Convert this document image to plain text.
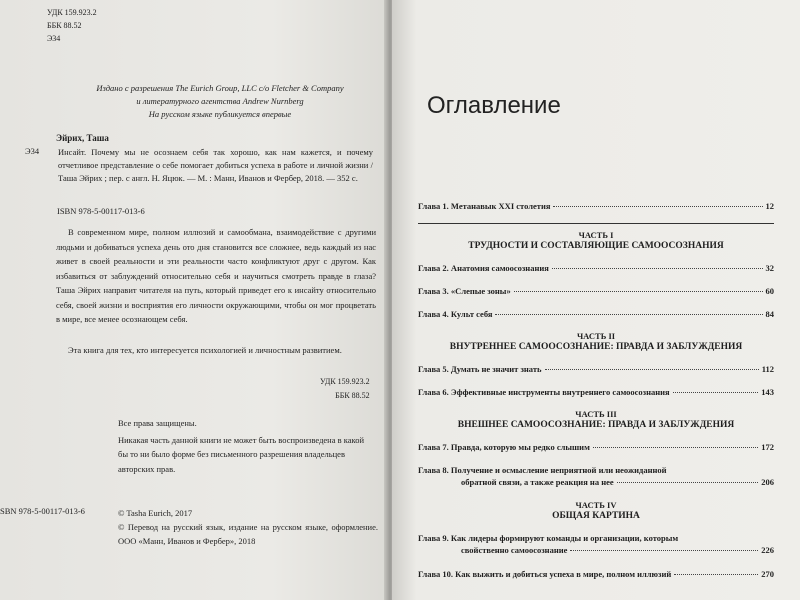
УДК 159.923.2
ББК 88.52
Э34
Издано с разрешения The Eurich Group, LLC c/o Fletcher & Company
и литературного агентства Andrew Nurnberg
На русском языке публикуется впервые
Эйрих, Таша
Э34 Инсайт. Почему мы не осознаем себя так хорошо, как нам кажется, и почему отчетливое представление о себе помогает добиться успеха в работе и личной жизни / Таша Эйрих ; пер. с англ. Н. Яцюк. — М. : Манн, Иванов и Фербер, 2018. — 352 с.
ISBN 978-5-00117-013-6
В современном мире, полном иллюзий и самообмана, взаимодействие с другими людьми и добиваться успеха день ото дня становится все сложнее, ведь каждый из нас живет в своей реальности и эти реальности часто конфликтуют друг с другом. Как избавиться от заблуждений относительно себя и научиться смотреть правде в глаза? Таша Эйрих направит читателя на путь, который приведет его к инсайту относительно себя, своей жизни и восприятия его личности окружающими, чтобы он мог процветать в мире, все менее осознающем себя.
Эта книга для тех, кто интересуется психологией и личностным развитием.
УДК 159.923.2
ББК 88.52
Все права защищены.
Никакая часть данной книги не может быть воспроизведена в какой бы то ни было форме без письменного разрешения владельцев авторских прав.
SBN 978-5-00117-013-6	© Tasha Eurich, 2017
© Перевод на русский язык, издание на русском языке, оформление. ООО «Манн, Иванов и Фербер», 2018
Оглавление
Глава 1. Метанавык XXI столетия	12
ЧАСТЬ I
ТРУДНОСТИ И СОСТАВЛЯЮЩИЕ САМООСОЗНАНИЯ
Глава 2. Анатомия самоосознания	32
Глава 3. «Слепые зоны»	60
Глава 4. Культ себя	84
ЧАСТЬ II
ВНУТРЕННЕЕ САМООСОЗНАНИЕ: ПРАВДА И ЗАБЛУЖДЕНИЯ
Глава 5. Думать не значит знать	112
Глава 6. Эффективные инструменты внутреннего самоосознания	143
ЧАСТЬ III
ВНЕШНЕЕ САМООСОЗНАНИЕ: ПРАВДА И ЗАБЛУЖДЕНИЯ
Глава 7. Правда, которую мы редко слышим	172
Глава 8. Получение и осмысление неприятной или неожиданной
обратной связи, а также реакция на нее	206
ЧАСТЬ IV
ОБЩАЯ КАРТИНА
Глава 9. Как лидеры формируют команды и организации, которым
свойственно самоосознание	226
Глава 10. Как выжить и добиться успеха в мире, полном иллюзий	270
